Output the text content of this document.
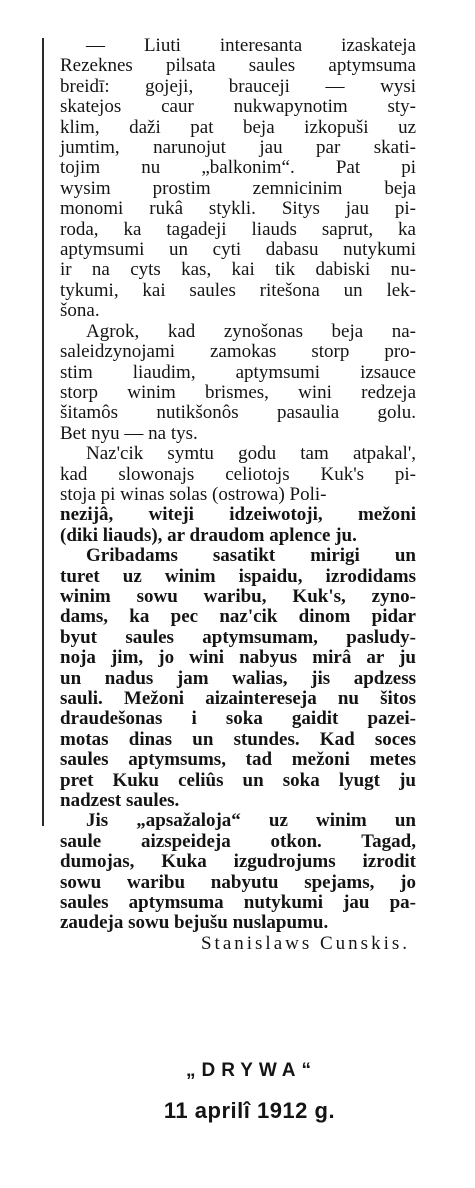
— Liuti interesanta izaskateja
Rezeknes pilsata saules aptymsuma
breidī: gojeji, brauceji — wysi
skatejos caur nukwapynotim sty-
klim, daži pat beja izkopuši uz
jumtim, narunojut jau par skati-
tojim nu „balkonim“. Pat pi
wysim prostim zemnicinim beja
monomi rukâ stykli. Sitys jau pi-
roda, ka tagadeji liauds saprut, ka
aptymsumi un cyti dabasu nutykumi
ir na cyts kas, kai tik dabiski nu-
tykumi, kai saules ritešona un lek-
šona.
Agrok, kad zynošonas beja na-
saleidzynojami zamokas storp pro-
stim liaudim, aptymsumi izsauce
storp winim brismes, wini redzeja
šitamôs nutikšonôs pasaulia golu.
Bet nyu — na tys.
Naz'cik symtu godu tam atpakal',
kad slowonajs celiotojs Kuk's pi-
stoja pi winas solas (ostrowa) Poli-
nezijâ, witeji idzeiwotoji, mežoni
(diki liauds), ar draudom aplence ju.
Gribadams sasatikt mirigi un
turet uz winim ispaidu, izrodidams
winim sowu waribu, Kuk's, zyno-
dams, ka pec naz'cik dinom pidar
byut saules aptymsumam, pasludy-
noja jim, jo wini nabyus mirâ ar ju
un nadus jam walias, jis apdzess
sauli. Mežoni aizainteresejа nu šitos
draudešonas i soka gaidit pazei-
motas dinas un stundes. Kad soces
saules aptymsums, tad mežoni metes
pret Kuku celiûs un soka lyugt ju
nadzest saules.
Jis „apsažaloja“ uz winim un
saule aizspeideja otkon. Tagad,
dumojas, Kuka izgudrojums izrodit
sowu waribu nabyutu spejams, jo
saules aptymsuma nutykumi jau pa-
zaudeja sowu bejušu nuslapumu.
Stanislaws Cunskis.
„DRYWA“
11 aprilî 1912 g.
